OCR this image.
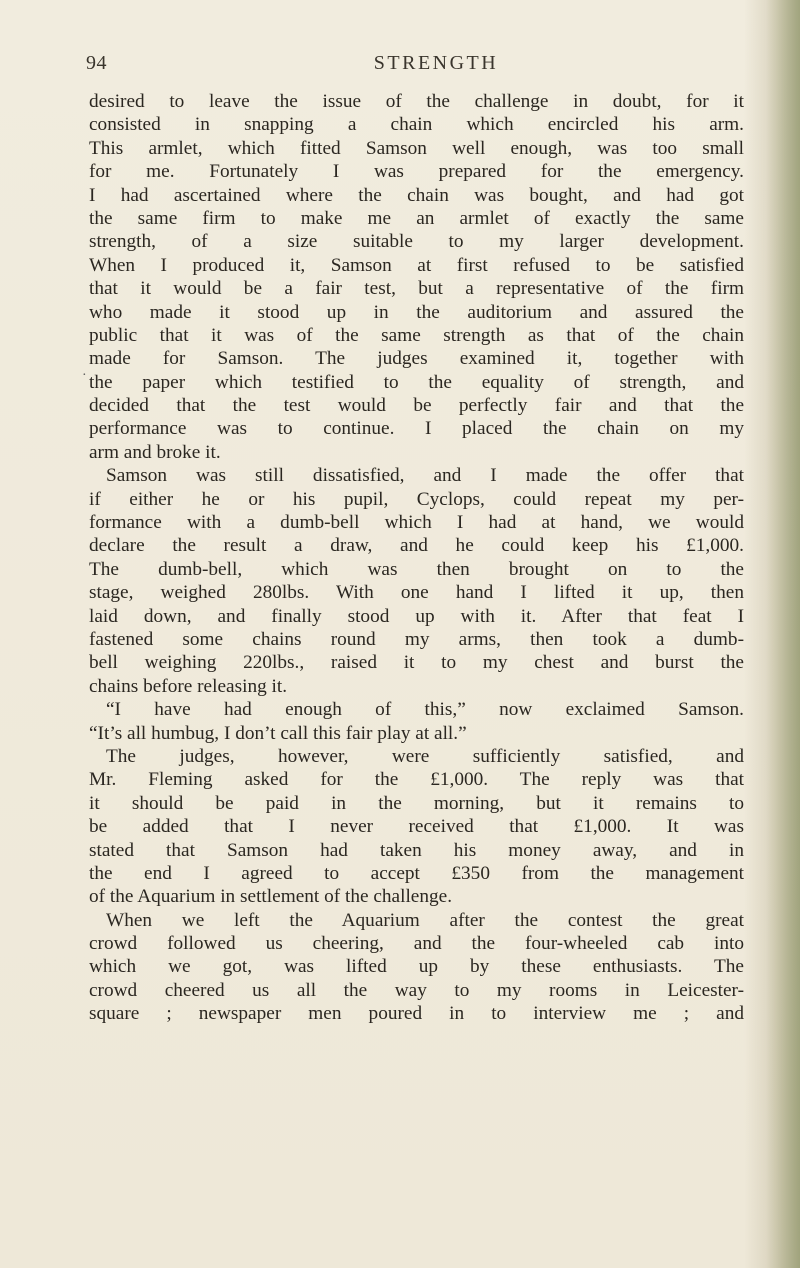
94	STRENGTH
·
desired to leave the issue of the challenge in doubt, for it
consisted in snapping a chain which encircled his arm.
This armlet, which fitted Samson well enough, was too small
for me. Fortunately I was prepared for the emergency.
I had ascertained where the chain was bought, and had got
the same firm to make me an armlet of exactly the same
strength, of a size suitable to my larger development.
When I produced it, Samson at first refused to be satisfied
that it would be a fair test, but a representative of the firm
who made it stood up in the auditorium and assured the
public that it was of the same strength as that of the chain
made for Samson. The judges examined it, together with
the paper which testified to the equality of strength, and
decided that the test would be perfectly fair and that the
performance was to continue. I placed the chain on my
arm and broke it.
Samson was still dissatisfied, and I made the offer that
if either he or his pupil, Cyclops, could repeat my per-
formance with a dumb-bell which I had at hand, we would
declare the result a draw, and he could keep his £1,000.
The dumb-bell, which was then brought on to the
stage, weighed 280lbs. With one hand I lifted it up, then
laid down, and finally stood up with it. After that feat I
fastened some chains round my arms, then took a dumb-
bell weighing 220lbs., raised it to my chest and burst the
chains before releasing it.
“I have had enough of this,” now exclaimed Samson.
“It’s all humbug, I don’t call this fair play at all.”
The judges, however, were sufficiently satisfied, and
Mr. Fleming asked for the £1,000. The reply was that
it should be paid in the morning, but it remains to
be added that I never received that £1,000. It was
stated that Samson had taken his money away, and in
the end I agreed to accept £350 from the management
of the Aquarium in settlement of the challenge.
When we left the Aquarium after the contest the great
crowd followed us cheering, and the four-wheeled cab into
which we got, was lifted up by these enthusiasts. The
crowd cheered us all the way to my rooms in Leicester-
square ; newspaper men poured in to interview me ; and
